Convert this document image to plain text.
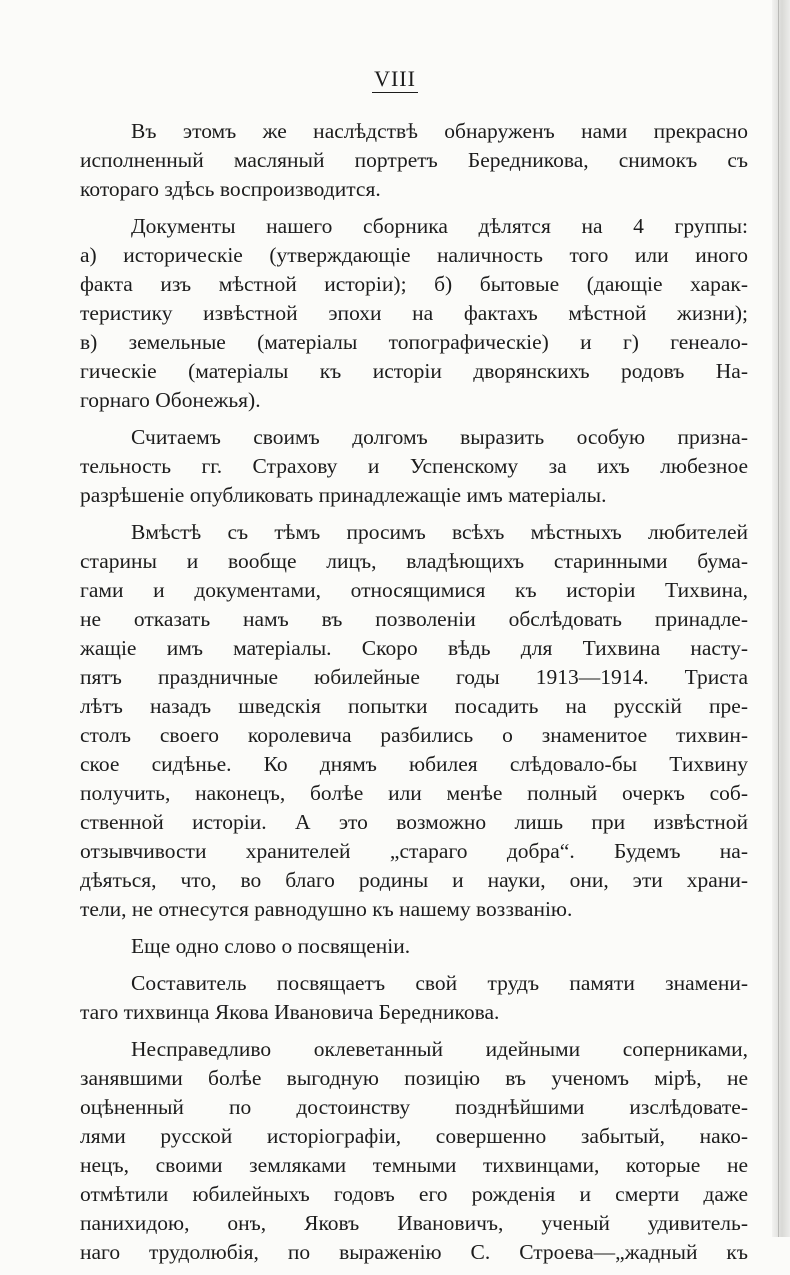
VIII
Въ этомъ же наслѣдствѣ обнаруженъ нами прекрасно
исполненный масляный портретъ Бередникова, снимокъ съ
котораго здѣсь воспроизводится.
Документы нашего сборника дѣлятся на 4 группы:
а) историческіе (утверждающіе наличность того или иного
факта изъ мѣстной исторіи); б) бытовые (дающіе харак-
теристику извѣстной эпохи на фактахъ мѣстной жизни);
в) земельные (матеріалы топографическіе) и г) генеало-
гическіе (матеріалы къ исторіи дворянскихъ родовъ На-
горнаго Обонежья).
Считаемъ своимъ долгомъ выразить особую призна-
тельность гг. Страхову и Успенскому за ихъ любезное
разрѣшеніе опубликовать принадлежащіе имъ матеріалы.
Вмѣстѣ съ тѣмъ просимъ всѣхъ мѣстныхъ любителей
старины и вообще лицъ, владѣющихъ старинными бума-
гами и документами, относящимися къ исторіи Тихвина,
не отказать намъ въ позволеніи обслѣдовать принадле-
жащіе имъ матеріалы. Скоро вѣдь для Тихвина насту-
пятъ праздничные юбилейные годы 1913—1914. Триста
лѣтъ назадъ шведскія попытки посадить на русскій пре-
столъ своего королевича разбились о знаменитое тихвин-
ское сидѣнье. Ко днямъ юбилея слѣдовало-бы Тихвину
получить, наконецъ, болѣе или менѣе полный очеркъ соб-
ственной исторіи. А это возможно лишь при извѣстной
отзывчивости хранителей „стараго добра“. Будемъ на-
дѣяться, что, во благо родины и науки, они, эти храни-
тели, не отнесутся равнодушно къ нашему воззванію.
Еще одно слово о посвященіи.
Составитель посвящаетъ свой трудъ памяти знамени-
таго тихвинца Якова Ивановича Бередникова.
Несправедливо оклеветанный идейными соперниками,
занявшими болѣе выгодную позицію въ ученомъ мірѣ, не
оцѣненный по достоинству позднѣйшими изслѣдовате-
лями русской исторіографіи, совершенно забытый, нако-
нецъ, своими земляками темными тихвинцами, которые не
отмѣтили юбилейныхъ годовъ его рожденія и смерти даже
панихидою, онъ, Яковъ Ивановичъ, ученый удивитель-
наго трудолюбія, по выраженію С. Строева—„жадный къ
